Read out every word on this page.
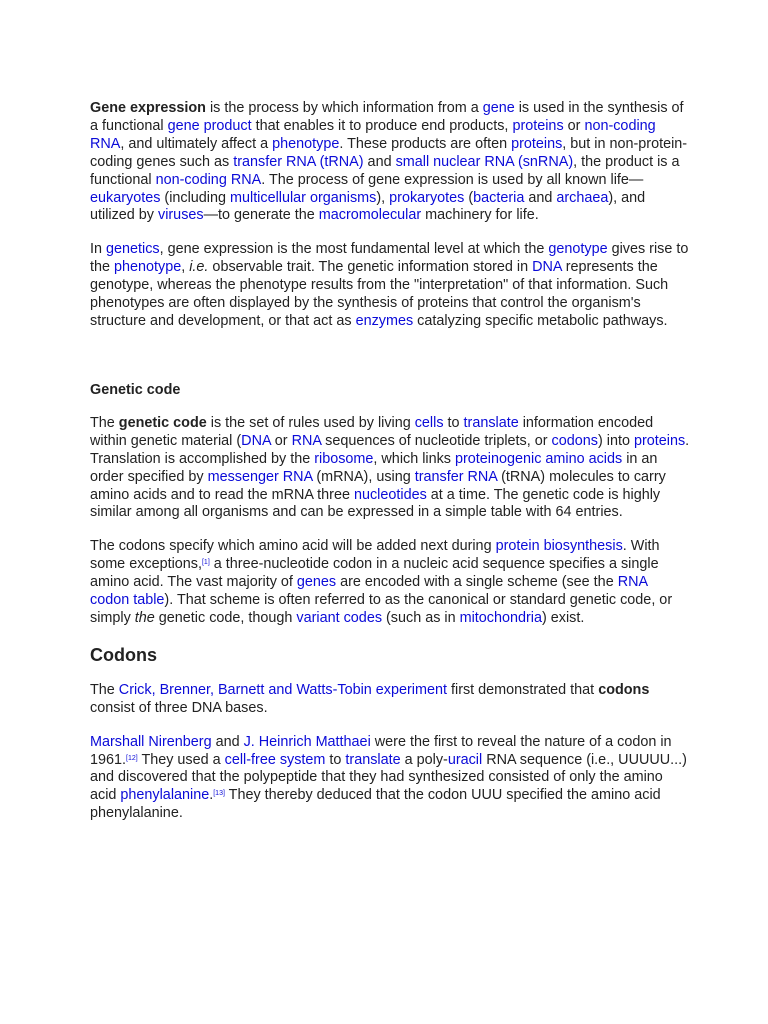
Gene expression is the process by which information from a gene is used in the synthesis of a functional gene product that enables it to produce end products, proteins or non-coding RNA, and ultimately affect a phenotype. These products are often proteins, but in non-protein-coding genes such as transfer RNA (tRNA) and small nuclear RNA (snRNA), the product is a functional non-coding RNA. The process of gene expression is used by all known life—eukaryotes (including multicellular organisms), prokaryotes (bacteria and archaea), and utilized by viruses—to generate the macromolecular machinery for life.

In genetics, gene expression is the most fundamental level at which the genotype gives rise to the phenotype, i.e. observable trait. The genetic information stored in DNA represents the genotype, whereas the phenotype results from the "interpretation" of that information. Such phenotypes are often displayed by the synthesis of proteins that control the organism's structure and development, or that act as enzymes catalyzing specific metabolic pathways.

Genetic code

The genetic code is the set of rules used by living cells to translate information encoded within genetic material (DNA or RNA sequences of nucleotide triplets, or codons) into proteins. Translation is accomplished by the ribosome, which links proteinogenic amino acids in an order specified by messenger RNA (mRNA), using transfer RNA (tRNA) molecules to carry amino acids and to read the mRNA three nucleotides at a time. The genetic code is highly similar among all organisms and can be expressed in a simple table with 64 entries.

The codons specify which amino acid will be added next during protein biosynthesis. With some exceptions,[1] a three-nucleotide codon in a nucleic acid sequence specifies a single amino acid. The vast majority of genes are encoded with a single scheme (see the RNA codon table). That scheme is often referred to as the canonical or standard genetic code, or simply the genetic code, though variant codes (such as in mitochondria) exist.

Codons

The Crick, Brenner, Barnett and Watts-Tobin experiment first demonstrated that codons consist of three DNA bases.

Marshall Nirenberg and J. Heinrich Matthaei were the first to reveal the nature of a codon in 1961.[12] They used a cell-free system to translate a poly-uracil RNA sequence (i.e., UUUUU...) and discovered that the polypeptide that they had synthesized consisted of only the amino acid phenylalanine.[13] They thereby deduced that the codon UUU specified the amino acid phenylalanine.
